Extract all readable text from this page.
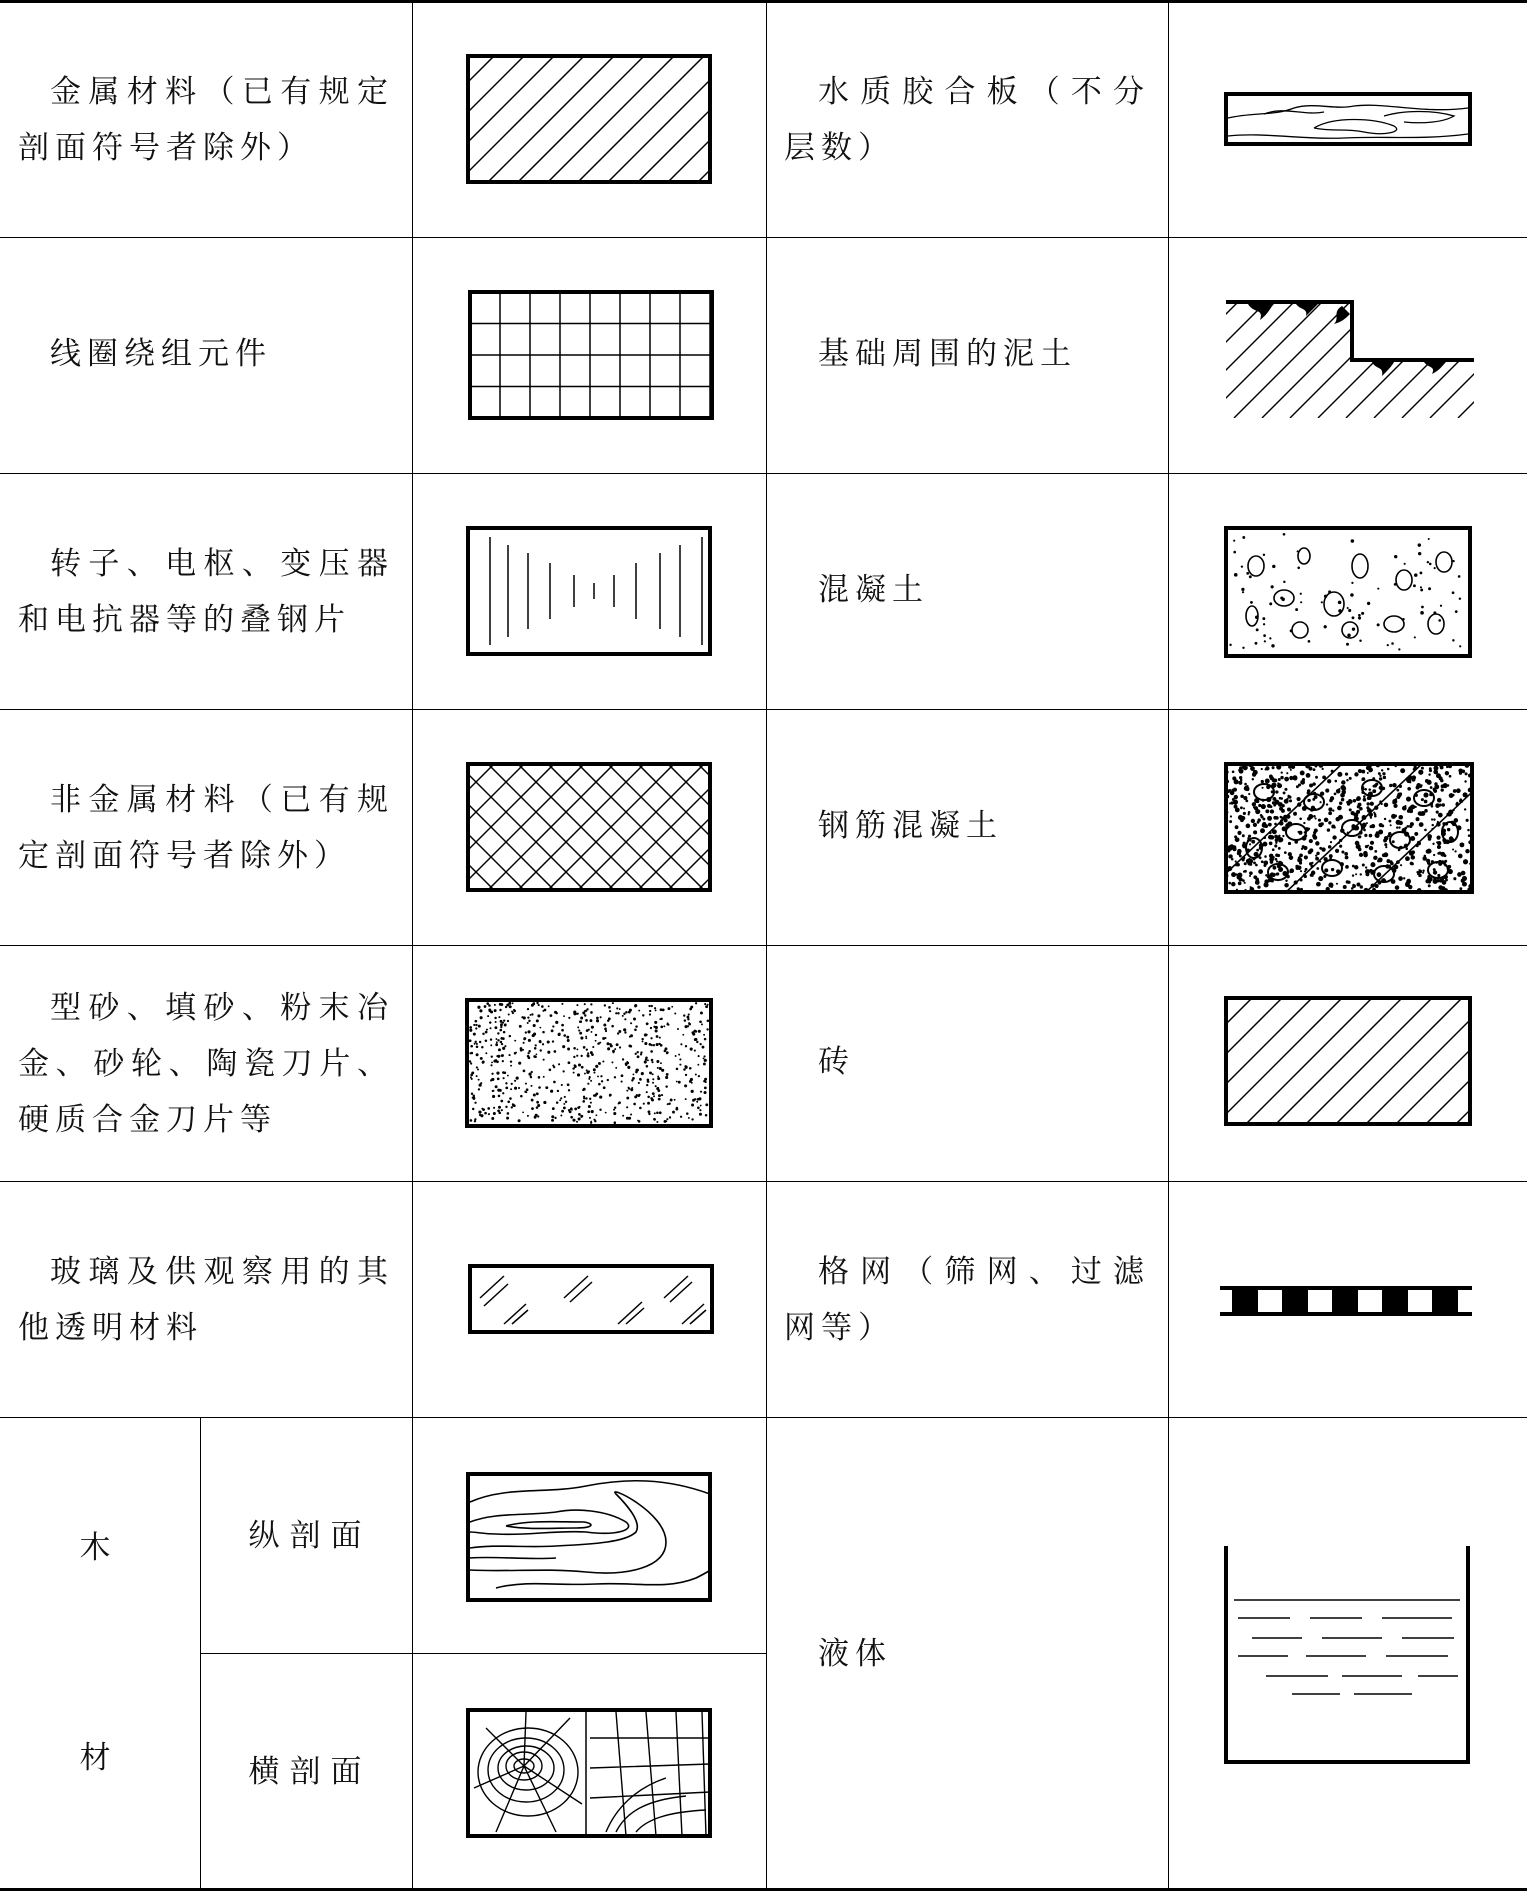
金属材料（已有规定剖面符号者除外）
线圈绕组元件
转子、电枢、变压器和电抗器等的叠钢片
非金属材料（已有规定剖面符号者除外）
型砂、填砂、粉末冶金、砂轮、陶瓷刀片、硬质合金刀片等
玻璃及供观察用的其他透明材料
木
材
纵剖面
横剖面
水质胶合板（不分层数）
基础周围的泥土
混凝土
钢筋混凝土
砖
格网（筛网、过滤网等）
液体
